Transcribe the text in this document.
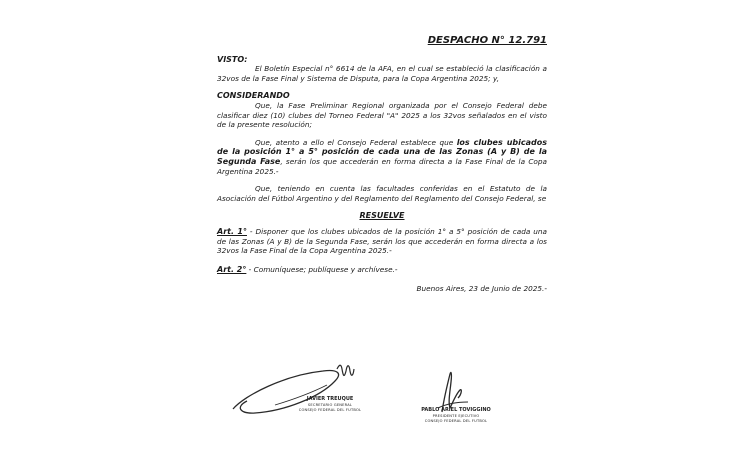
DESPACHO N° 12.791
VISTO:

El Boletín Especial n° 6614 de la AFA, en el cual se estableció la clasificación a 32vos de la Fase Final y Sistema de Disputa, para la Copa Argentina 2025; y,

CONSIDERANDO

Que, la Fase Preliminar Regional organizada por el Consejo Federal debe clasificar diez (10) clubes del Torneo Federal "A" 2025 a los 32vos señalados en el visto de la presente resolución;

Que, atento a ello el Consejo Federal establece que los clubes ubicados de la posición 1° a 5° posición de cada una de las Zonas (A y B) de la Segunda Fase, serán los que accederán en forma directa a la Fase Final de la Copa Argentina 2025.-

Que, teniendo en cuenta las facultades conferidas en el Estatuto de la Asociación del Fútbol Argentino y del Reglamento del Reglamento del Consejo Federal, se

RESUELVE

Art. 1° - Disponer que los clubes ubicados de la posición 1° a 5° posición de cada una de las Zonas (A y B) de la Segunda Fase, serán los que accederán en forma directa a los 32vos la Fase Final de la Copa Argentina 2025.-

Art. 2° - Comuníquese; publíquese y archívese.-

Buenos Aires, 23 de Junio de 2025.-
JAVIER TREUQUE
SECRETARIO GENERAL
CONSEJO FEDERAL DEL FUTBOL	PABLO ARIEL TOVIGGINO
PRESIDENTE EJECUTIVO
CONSEJO FEDERAL DEL FUTBOL
